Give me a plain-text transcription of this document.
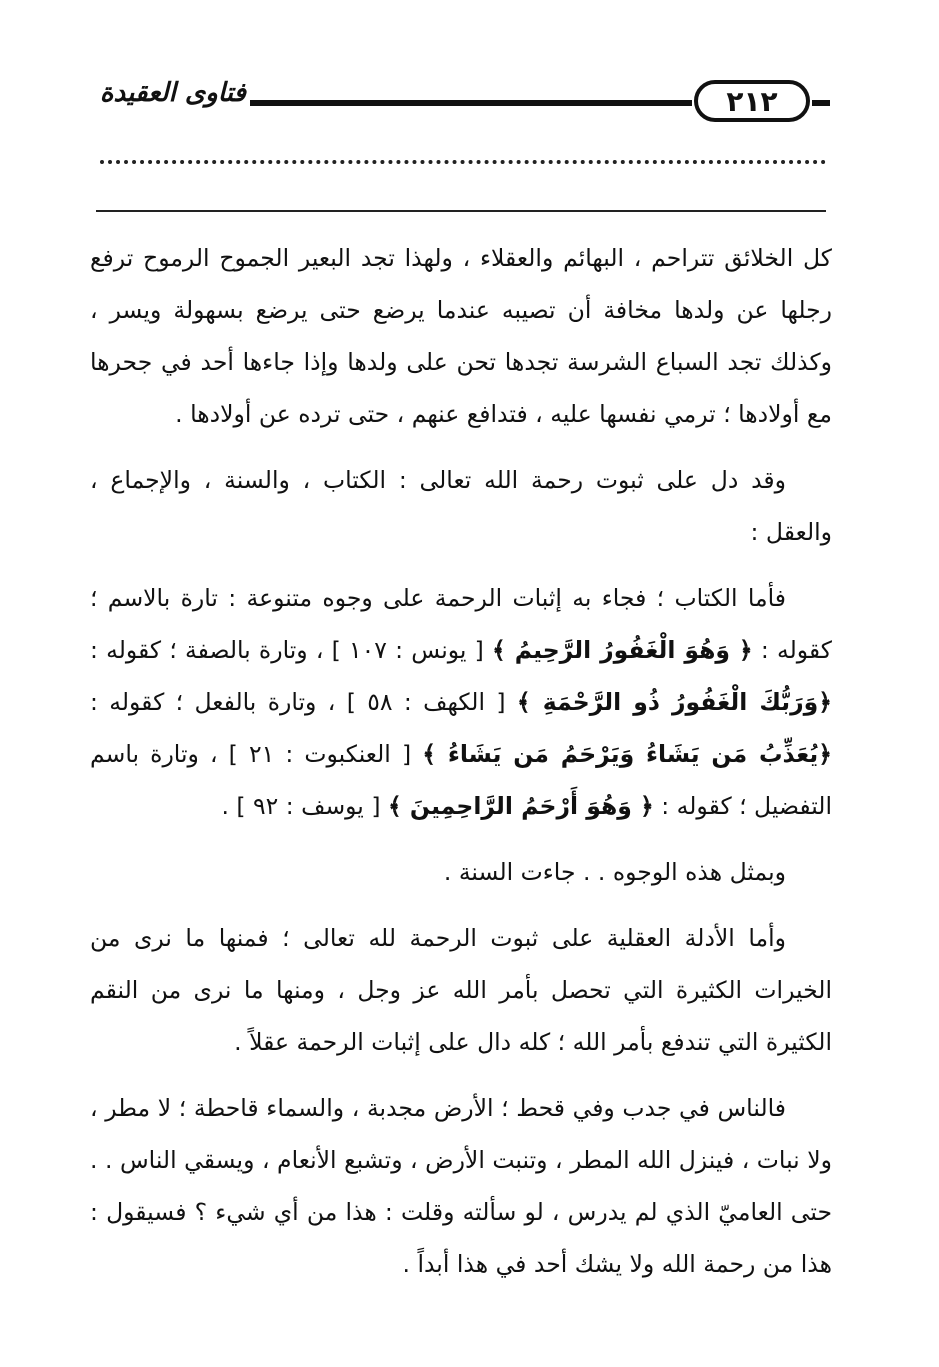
فتاوى العقيدة	٢١٢

كل الخلائق تتراحم ، البهائم والعقلاء ، ولهذا تجد البعير الجموح الرموح ترفع رجلها عن ولدها مخافة أن تصيبه عندما يرضع حتى يرضع بسهولة ويسر ، وكذلك تجد السباع الشرسة تجدها تحن على ولدها وإذا جاءها أحد في جحرها مع أولادها ؛ ترمي نفسها عليه ، فتدافع عنهم ، حتى ترده عن أولادها .

وقد دل على ثبوت رحمة الله تعالى : الكتاب ، والسنة ، والإجماع ، والعقل :

فأما الكتاب ؛ فجاء به إثبات الرحمة على وجوه متنوعة : تارة بالاسم ؛ كقوله : ﴿ وَهُوَ الْغَفُورُ الرَّحِيمُ ﴾ [ يونس : ١٠٧ ] ، وتارة بالصفة ؛ كقوله : ﴿وَرَبُّكَ الْغَفُورُ ذُو الرَّحْمَةِ ﴾ [ الكهف : ٥٨ ] ، وتارة بالفعل ؛ كقوله : ﴿يُعَذِّبُ مَن يَشَاءُ وَيَرْحَمُ مَن يَشَاءُ ﴾ [ العنكبوت : ٢١ ] ، وتارة باسم التفضيل ؛ كقوله : ﴿ وَهُوَ أَرْحَمُ الرَّاحِمِينَ ﴾ [ يوسف : ٩٢ ] .

وبمثل هذه الوجوه . . جاءت السنة .

وأما الأدلة العقلية على ثبوت الرحمة لله تعالى ؛ فمنها ما نرى من الخيرات الكثيرة التي تحصل بأمر الله عز وجل ، ومنها ما نرى من النقم الكثيرة التي تندفع بأمر الله ؛ كله دال على إثبات الرحمة عقلاً .

فالناس في جدب وفي قحط ؛ الأرض مجدبة ، والسماء قاحطة ؛ لا مطر ، ولا نبات ، فينزل الله المطر ، وتنبت الأرض ، وتشبع الأنعام ، ويسقي الناس . . حتى العاميّ الذي لم يدرس ، لو سألته وقلت : هذا من أي شيء ؟ فسيقول : هذا من رحمة الله ولا يشك أحد في هذا أبداً .
